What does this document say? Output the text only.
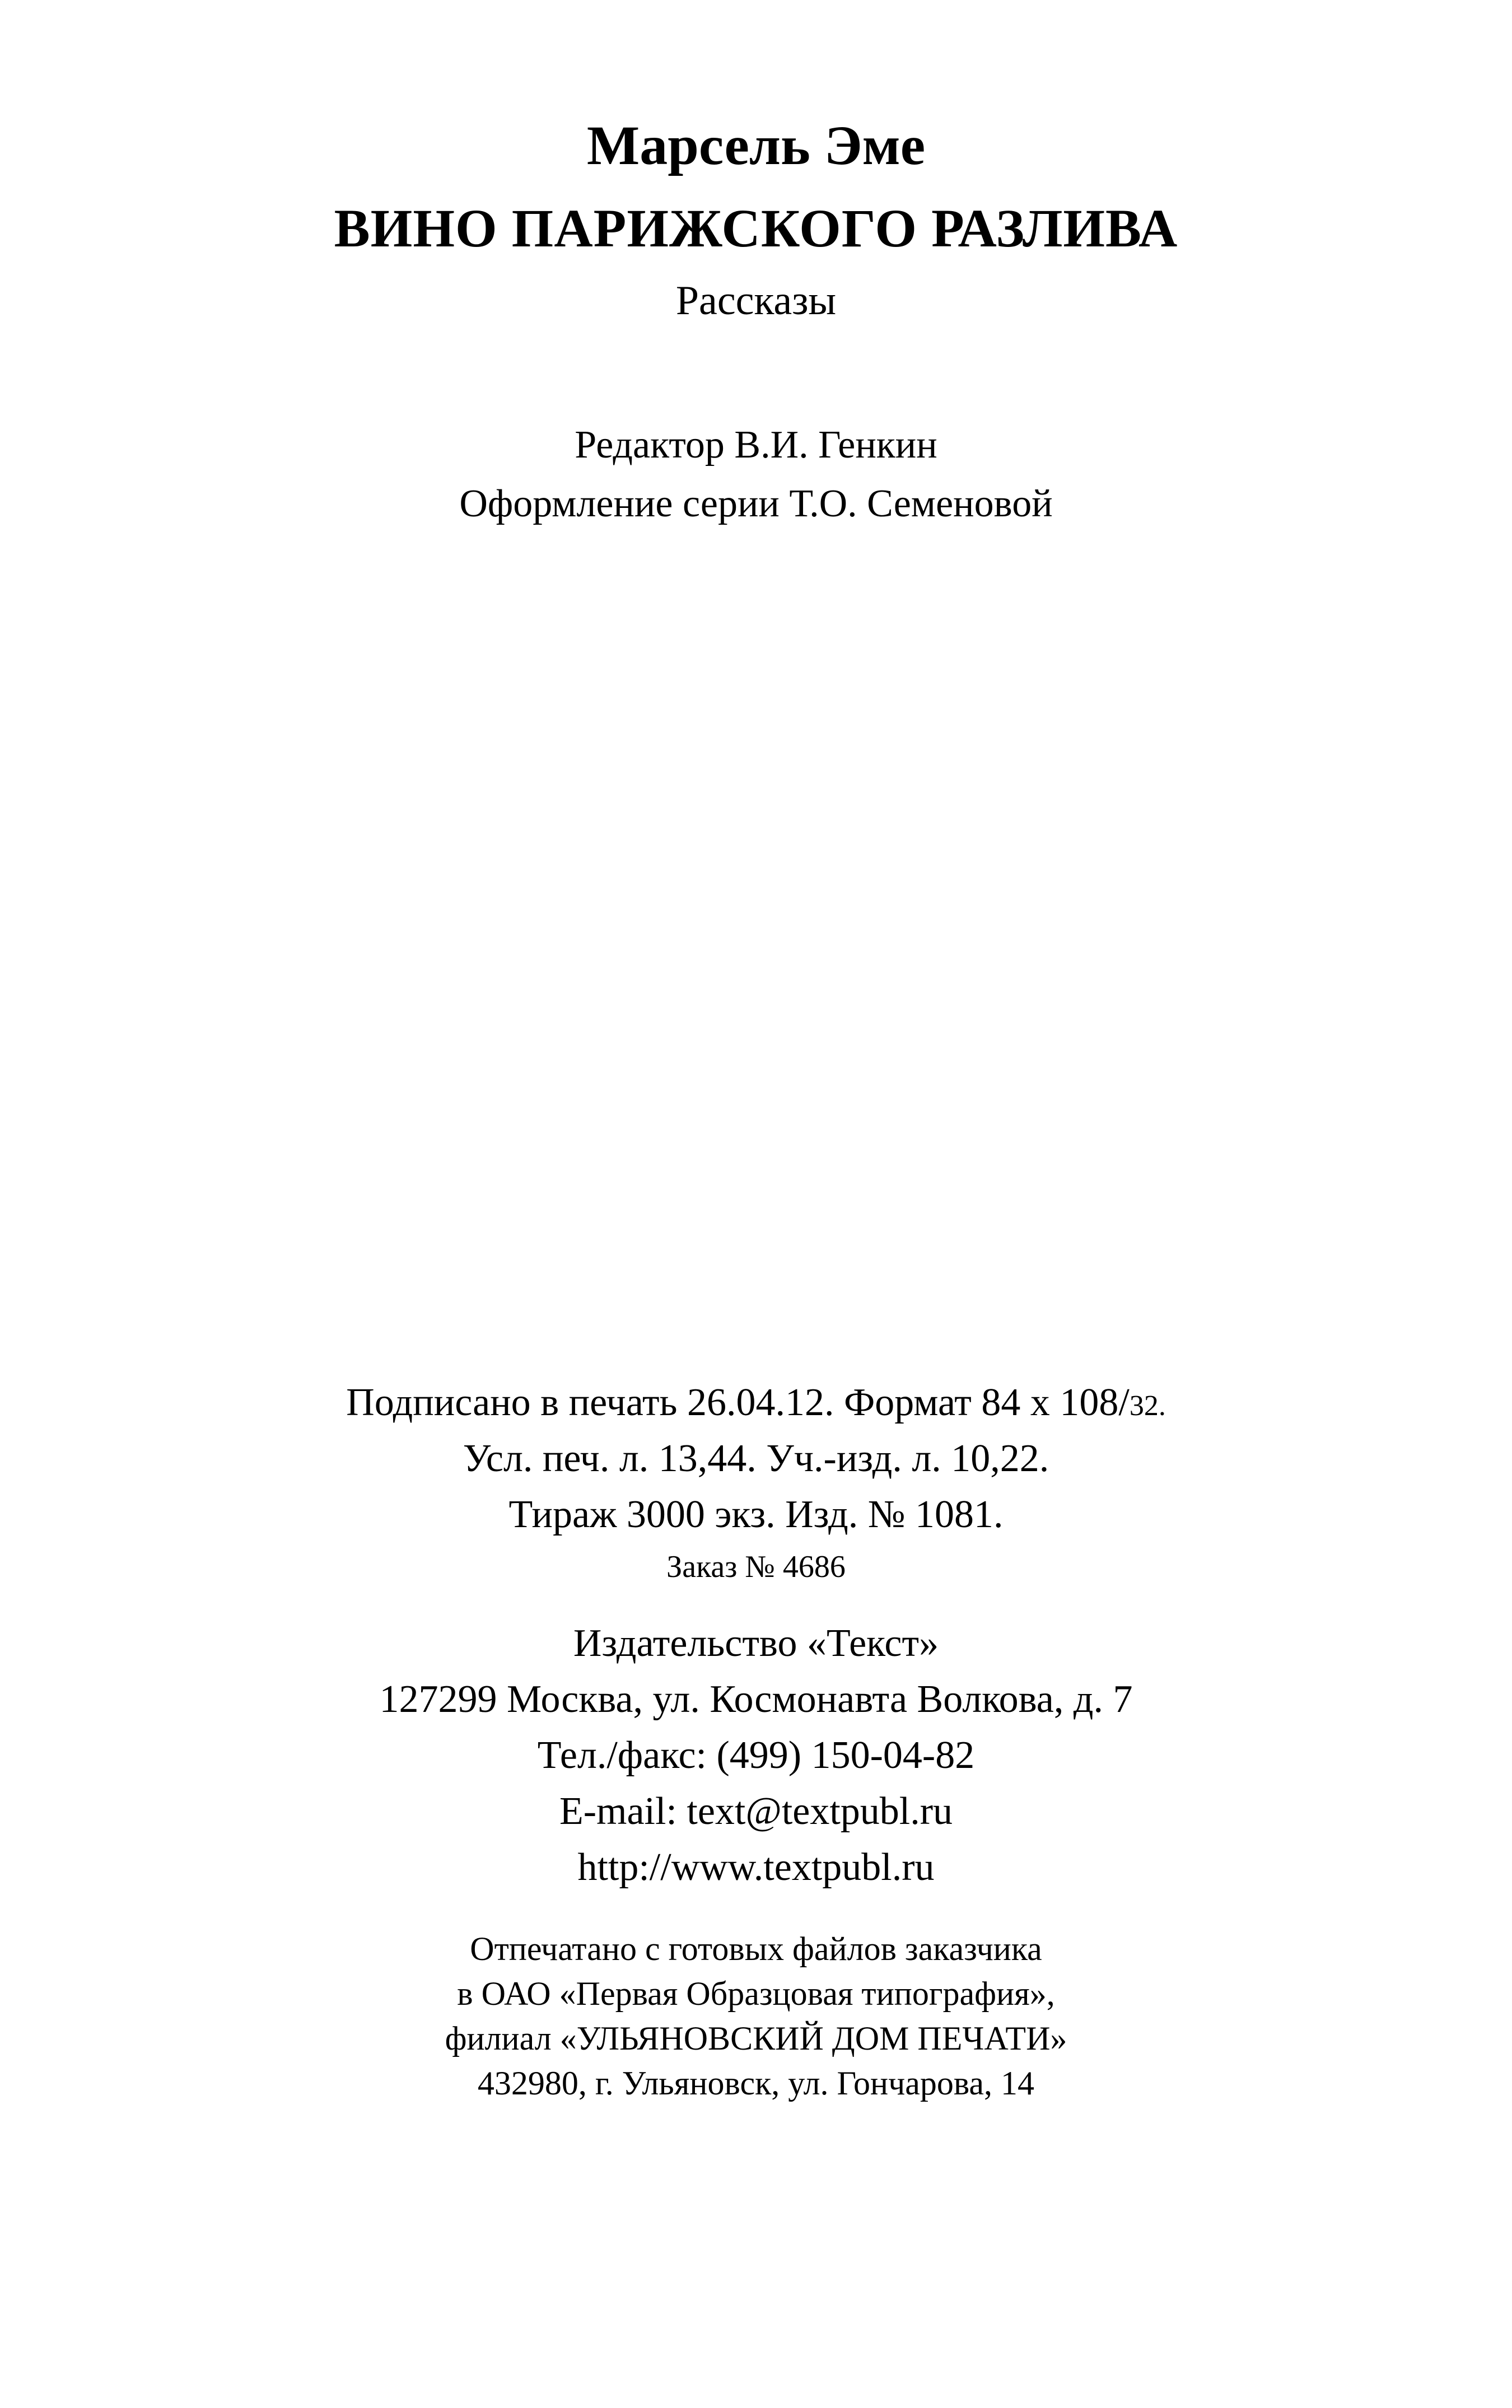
Марсель Эме
ВИНО ПАРИЖСКОГО РАЗЛИВА
Рассказы
Редактор В.И. Генкин
Оформление серии Т.О. Семеновой
Подписано в печать 26.04.12. Формат 84 x 108/32.
Усл. печ. л. 13,44. Уч.-изд. л. 10,22.
Тираж 3000 экз. Изд. № 1081.
Заказ № 4686
Издательство «Текст»
127299 Москва, ул. Космонавта Волкова, д. 7
Тел./факс: (499) 150-04-82
E-mail: text@textpubl.ru
http://www.textpubl.ru
Отпечатано с готовых файлов заказчика
в ОАО «Первая Образцовая типография»,
филиал «УЛЬЯНОВСКИЙ ДОМ ПЕЧАТИ»
432980, г. Ульяновск, ул. Гончарова, 14
